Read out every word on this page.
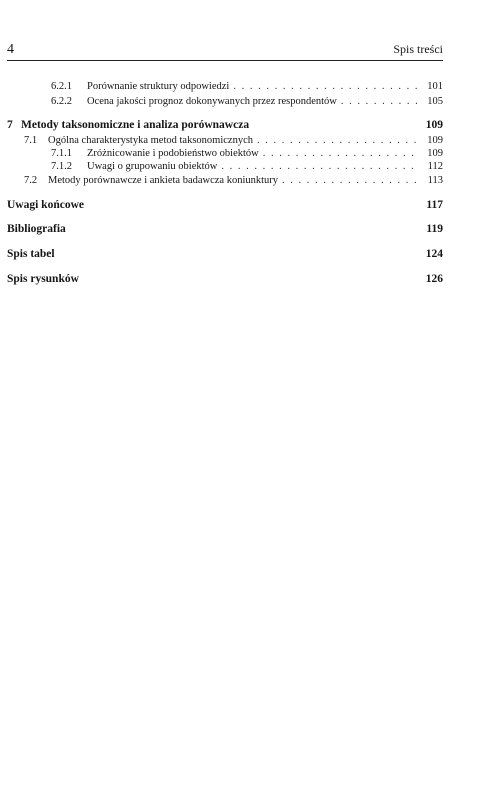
4	Spis treści
6.2.1	Porównanie struktury odpowiedzi . . .	101
6.2.2	Ocena jakości prognoz dokonywanych przez respondentów . . .	105
7 Metody taksonomiczne i analiza porównawcza	109
7.1	Ogólna charakterystyka metod taksonomicznych . . .	109
7.1.1	Zróżnicowanie i podobieństwo obiektów . . .	109
7.1.2	Uwagi o grupowaniu obiektów . . .	112
7.2	Metody porównawcze i ankieta badawcza koniunktury . . .	113
Uwagi końcowe	117
Bibliografia	119
Spis tabel	124
Spis rysunków	126
